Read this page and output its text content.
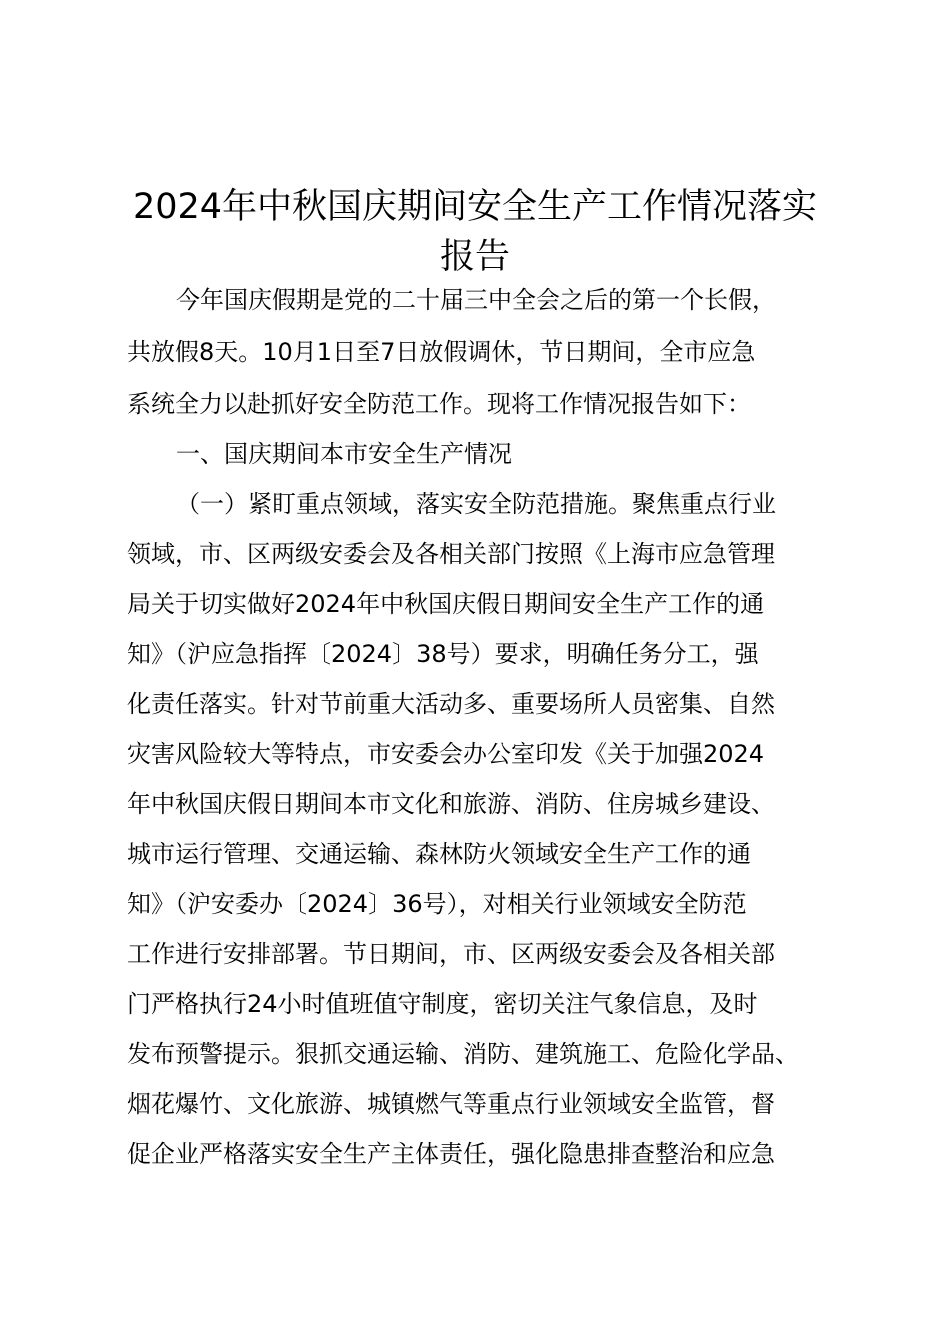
2024年中秋国庆期间安全生产工作情况落实
报告
今年国庆假期是党的二十届三中全会之后的第一个长假，
共放假8天。10月1日至7日放假调休，节日期间，全市应急
系统全力以赴抓好安全防范工作。现将工作情况报告如下：
一、国庆期间本市安全生产情况
（一）紧盯重点领域，落实安全防范措施。聚焦重点行业
领域，市、区两级安委会及各相关部门按照《上海市应急管理
局关于切实做好2024年中秋国庆假日期间安全生产工作的通
知》（沪应急指挥〔2024〕38号）要求，明确任务分工，强
化责任落实。针对节前重大活动多、重要场所人员密集、自然
灾害风险较大等特点，市安委会办公室印发《关于加强2024
年中秋国庆假日期间本市文化和旅游、消防、住房城乡建设、
城市运行管理、交通运输、森林防火领域安全生产工作的通
知》（沪安委办〔2024〕36号），对相关行业领域安全防范
工作进行安排部署。节日期间，市、区两级安委会及各相关部
门严格执行24小时值班值守制度，密切关注气象信息，及时
发布预警提示。狠抓交通运输、消防、建筑施工、危险化学品、
烟花爆竹、文化旅游、城镇燃气等重点行业领域安全监管，督
促企业严格落实安全生产主体责任，强化隐患排查整治和应急
